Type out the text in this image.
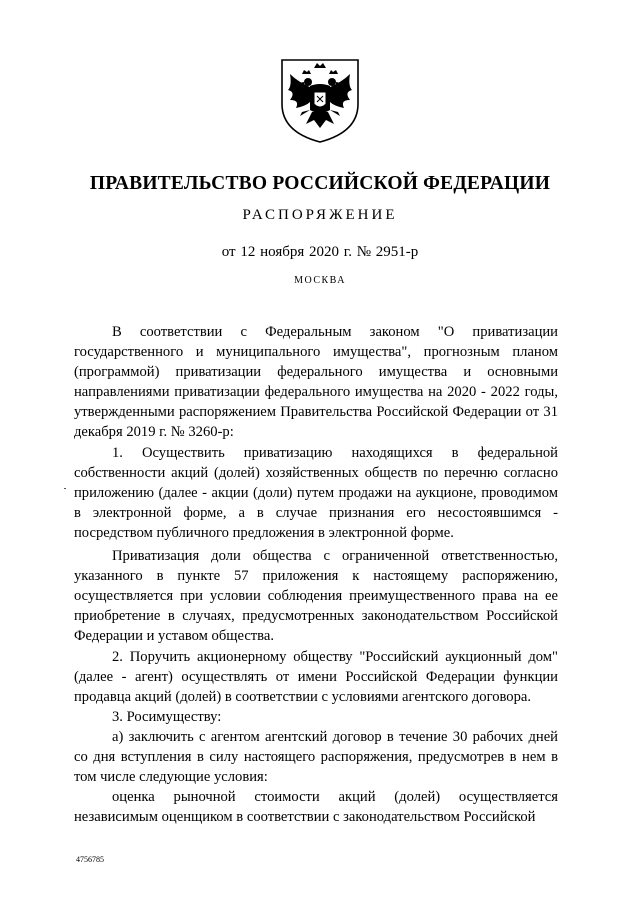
ПРАВИТЕЛЬСТВО РОССИЙСКОЙ ФЕДЕРАЦИИ
РАСПОРЯЖЕНИЕ
от 12 ноября 2020 г. № 2951-р
МОСКВА

В соответствии с Федеральным законом "О приватизации государственного и муниципального имущества", прогнозным планом (программой) приватизации федерального имущества и основными направлениями приватизации федерального имущества на 2020 - 2022 годы, утвержденными распоряжением Правительства Российской Федерации от 31 декабря 2019 г. № 3260-р:

1. Осуществить приватизацию находящихся в федеральной собственности акций (долей) хозяйственных обществ по перечню согласно приложению (далее - акции (доли) путем продажи на аукционе, проводимом в электронной форме, а в случае признания его несостоявшимся - посредством публичного предложения в электронной форме.

Приватизация доли общества с ограниченной ответственностью, указанного в пункте 57 приложения к настоящему распоряжению, осуществляется при условии соблюдения преимущественного права на ее приобретение в случаях, предусмотренных законодательством Российской Федерации и уставом общества.

2. Поручить акционерному обществу "Российский аукционный дом" (далее - агент) осуществлять от имени Российской Федерации функции продавца акций (долей) в соответствии с условиями агентского договора.

3. Росимуществу:

а) заключить с агентом агентский договор в течение 30 рабочих дней со дня вступления в силу настоящего распоряжения, предусмотрев в нем в том числе следующие условия:

оценка рыночной стоимости акций (долей) осуществляется независимым оценщиком в соответствии с законодательством Российской

4756785
